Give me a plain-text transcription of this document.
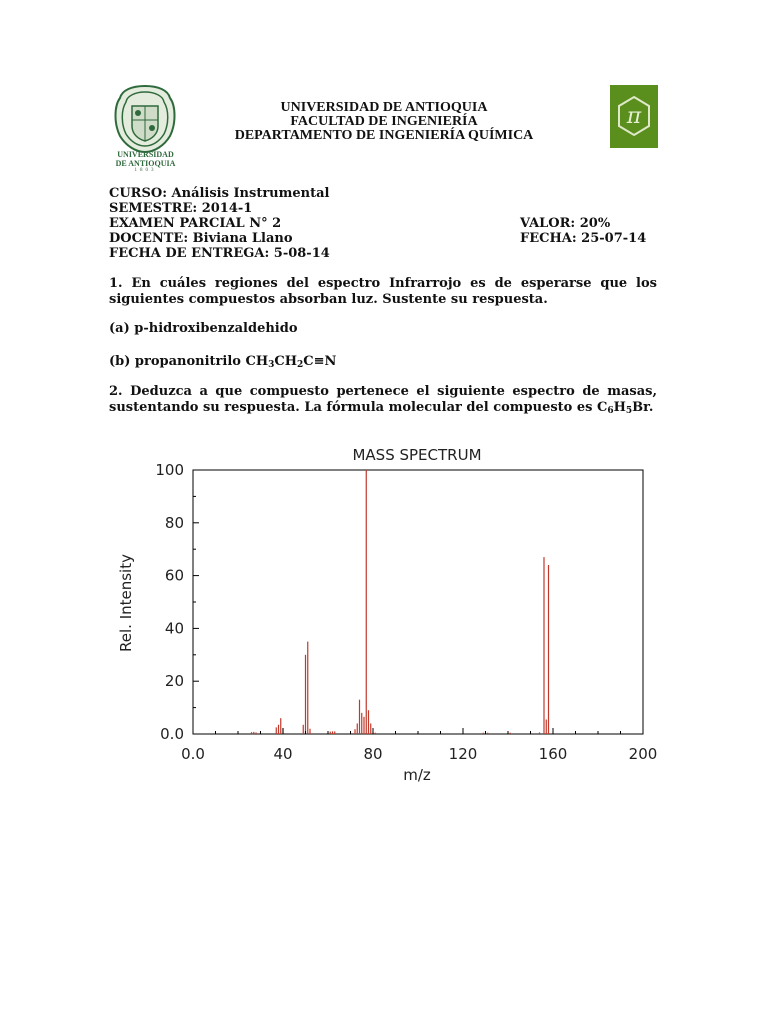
UNIVERSIDAD
DE ANTIOQUIA
1803
π
UNIVERSIDAD DE ANTIOQUIA
FACULTAD DE INGENIERÍA
DEPARTAMENTO DE INGENIERÍA QUÍMICA
CURSO: Análisis Instrumental
SEMESTRE: 2014-1
EXAMEN PARCIAL N° 2	VALOR: 20%
DOCENTE: Biviana Llano	FECHA: 25-07-14
FECHA DE ENTREGA: 5-08-14
1. En cuáles regiones del espectro Infrarrojo es de esperarse que los siguientes compuestos absorban luz. Sustente su respuesta.
(a) p-hidroxibenzaldehido
(b) propanonitrilo $CH_3CH_2C\equiv N$
2. Deduzca a que compuesto pertenece el siguiente espectro de masas, sustentando su respuesta. La fórmula molecular del compuesto es $C_6H_5Br$.
MASS SPECTRUM
0.0	40	80	120	160	200
0.0
20
40
60
80
100
m/z
Rel. Intensity
